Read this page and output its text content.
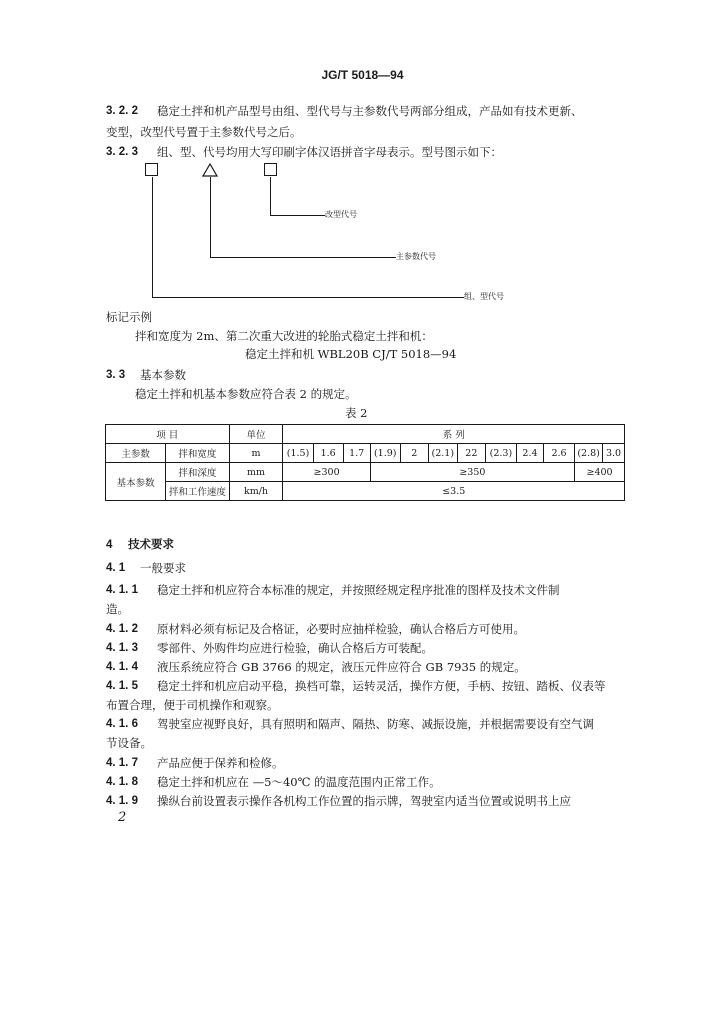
JG/T 5018—94
3. 2. 2 稳定土拌和机产品型号由组、型代号与主参数代号两部分组成，产品如有技术更新、
变型，改型代号置于主参数代号之后。
3. 2. 3 组、型、代号均用大写印刷字体汉语拼音字母表示。型号图示如下：
改型代号
主参数代号
组、型代号
标记示例
拌和宽度为 2m、第二次重大改进的轮胎式稳定土拌和机：
稳定土拌和机 WBL20B CJ/T 5018—94
3. 3 基本参数
稳定土拌和机基本参数应符合表 2 的规定。
表 2
项 目		单位	系 列											
主参数	拌和宽度	m	(1.5)	1.6	1.7	(1.9)	2	(2.1)	22	(2.3)	2.4	2.6	(2.8)	3.0
基本参数	拌和深度	mm	≥300			≥350							≥400	
	拌和工作速度	km/h	≤3.5											
4 技术要求
4. 1 一般要求
4. 1. 1 稳定土拌和机应符合本标准的规定，并按照经规定程序批准的图样及技术文件制
造。
4. 1. 2 原材料必须有标记及合格证，必要时应抽样检验，确认合格后方可使用。
4. 1. 3 零部件、外购件均应进行检验，确认合格后方可装配。
4. 1. 4 液压系统应符合 GB 3766 的规定，液压元件应符合 GB 7935 的规定。
4. 1. 5 稳定土拌和机应启动平稳，换档可靠，运转灵活，操作方便，手柄、按钮、踏板、仪表等
布置合理，便于司机操作和观察。
4. 1. 6 驾驶室应视野良好，具有照明和隔声、隔热、防寒、减振设施，并根据需要设有空气调
节设备。
4. 1. 7 产品应便于保养和检修。
4. 1. 8 稳定土拌和机应在 —5～40℃ 的温度范围内正常工作。
4. 1. 9 操纵台前设置表示操作各机构工作位置的指示牌，驾驶室内适当位置或说明书上应
2
